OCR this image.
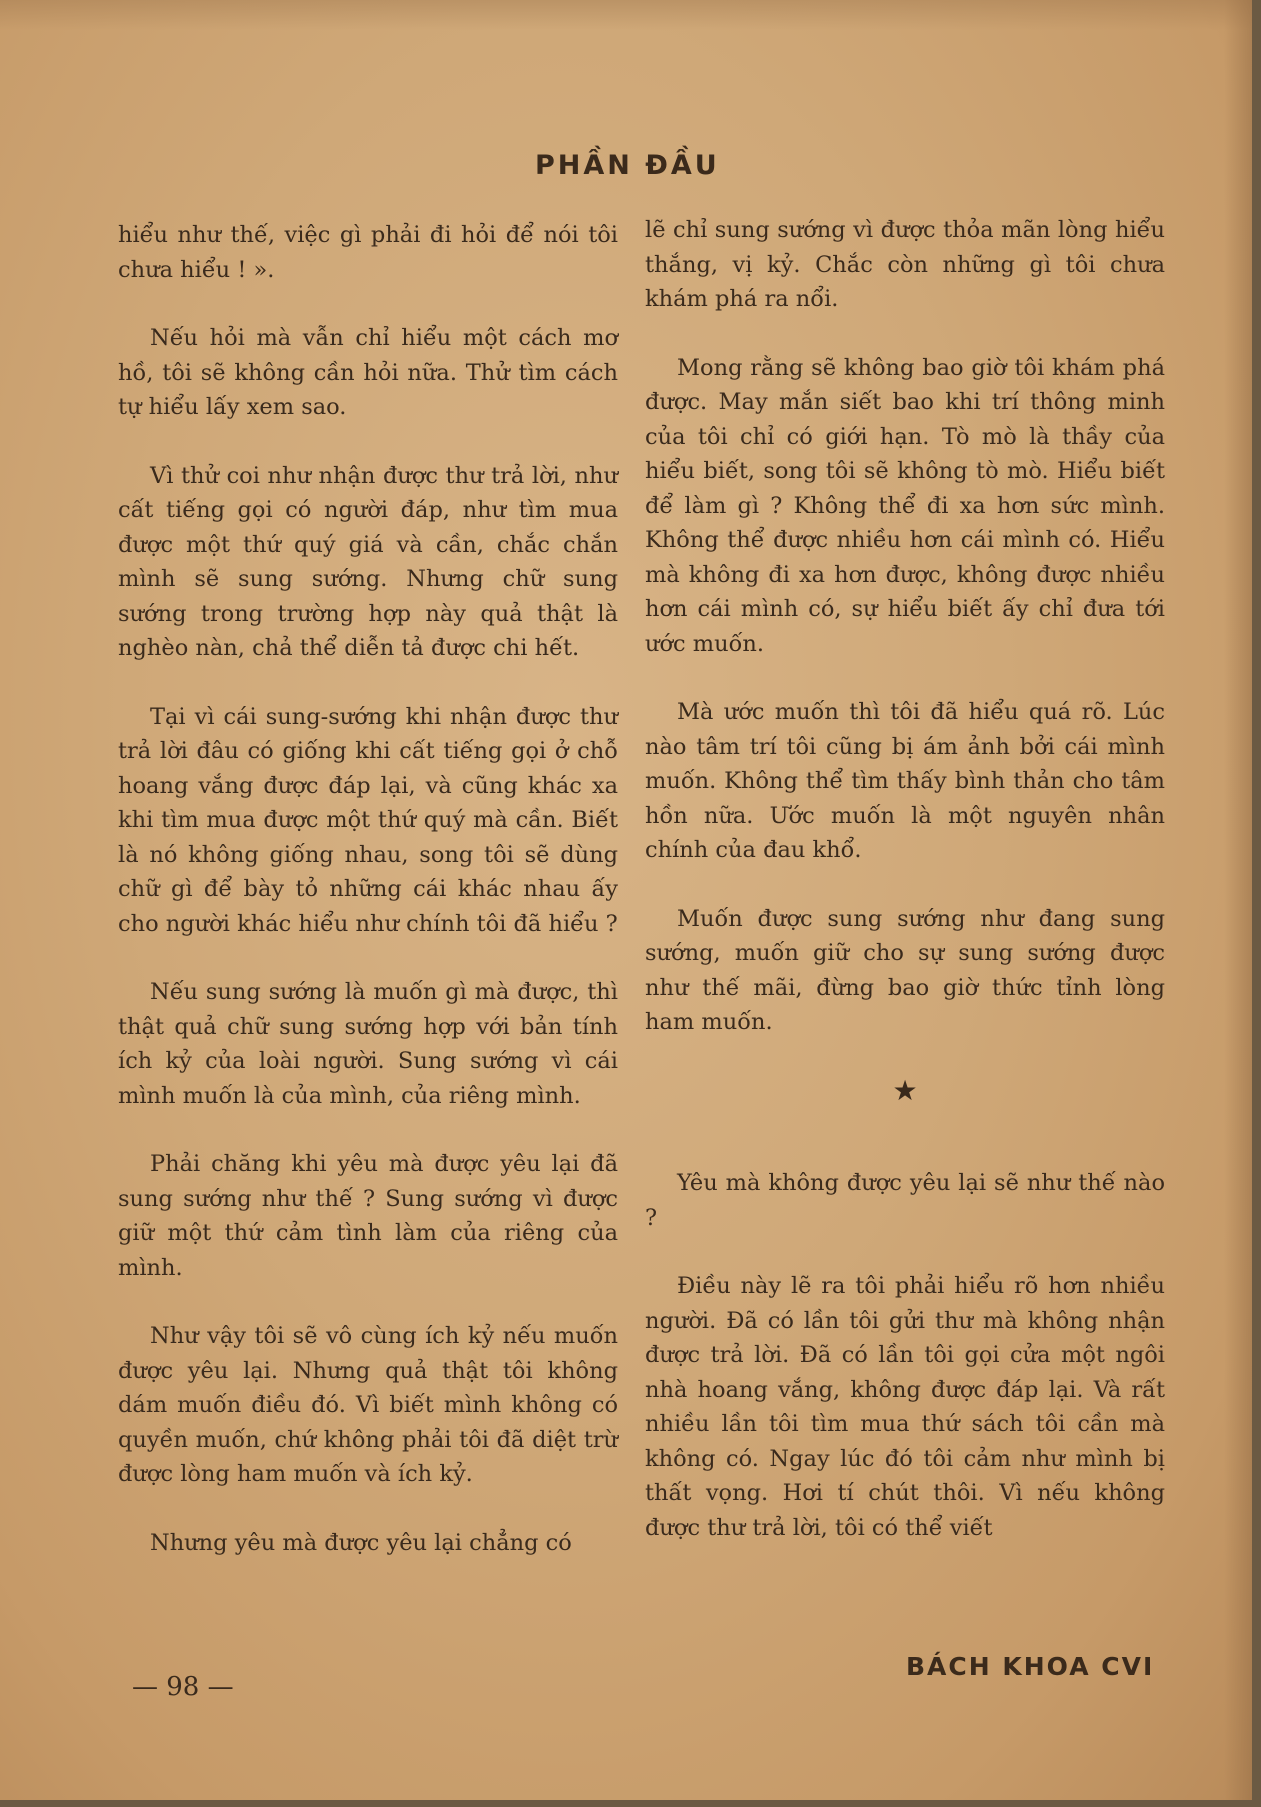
PHẦN ĐẦU

hiểu như thế, việc gì phải đi hỏi để nói tôi chưa hiểu ! ».

Nếu hỏi mà vẫn chỉ hiểu một cách mơ hồ, tôi sẽ không cần hỏi nữa. Thử tìm cách tự hiểu lấy xem sao.

Vì thử coi như nhận được thư trả lời, như cất tiếng gọi có người đáp, như tìm mua được một thứ quý giá và cần, chắc chắn mình sẽ sung sướng. Nhưng chữ sung sướng trong trường hợp này quả thật là nghèo nàn, chả thể diễn tả được chi hết.

Tại vì cái sung-sướng khi nhận được thư trả lời đâu có giống khi cất tiếng gọi ở chỗ hoang vắng được đáp lại, và cũng khác xa khi tìm mua được một thứ quý mà cần. Biết là nó không giống nhau, song tôi sẽ dùng chữ gì để bày tỏ những cái khác nhau ấy cho người khác hiểu như chính tôi đã hiểu ?

Nếu sung sướng là muốn gì mà được, thì thật quả chữ sung sướng hợp với bản tính ích kỷ của loài người. Sung sướng vì cái mình muốn là của mình, của riêng mình.

Phải chăng khi yêu mà được yêu lại đã sung sướng như thế ? Sung sướng vì được giữ một thứ cảm tình làm của riêng của mình.

Như vậy tôi sẽ vô cùng ích kỷ nếu muốn được yêu lại. Nhưng quả thật tôi không dám muốn điều đó. Vì biết mình không có quyền muốn, chứ không phải tôi đã diệt trừ được lòng ham muốn và ích kỷ.

Nhưng yêu mà được yêu lại chẳng có

lẽ chỉ sung sướng vì được thỏa mãn lòng hiểu thắng, vị kỷ. Chắc còn những gì tôi chưa khám phá ra nổi.

Mong rằng sẽ không bao giờ tôi khám phá được. May mắn siết bao khi trí thông minh của tôi chỉ có giới hạn. Tò mò là thầy của hiểu biết, song tôi sẽ không tò mò. Hiểu biết để làm gì ? Không thể đi xa hơn sức mình. Không thể được nhiều hơn cái mình có. Hiểu mà không đi xa hơn được, không được nhiều hơn cái mình có, sự hiểu biết ấy chỉ đưa tới ước muốn.

Mà ước muốn thì tôi đã hiểu quá rõ. Lúc nào tâm trí tôi cũng bị ám ảnh bởi cái mình muốn. Không thể tìm thấy bình thản cho tâm hồn nữa. Ước muốn là một nguyên nhân chính của đau khổ.

Muốn được sung sướng như đang sung sướng, muốn giữ cho sự sung sướng được như thế mãi, đừng bao giờ thức tỉnh lòng ham muốn.

★

Yêu mà không được yêu lại sẽ như thế nào ?

Điều này lẽ ra tôi phải hiểu rõ hơn nhiều người. Đã có lần tôi gửi thư mà không nhận được trả lời. Đã có lần tôi gọi cửa một ngôi nhà hoang vắng, không được đáp lại. Và rất nhiều lần tôi tìm mua thứ sách tôi cần mà không có. Ngay lúc đó tôi cảm như mình bị thất vọng. Hơi tí chút thôi. Vì nếu không được thư trả lời, tôi có thể viết

— 98 —
BÁCH KHOA CVI
